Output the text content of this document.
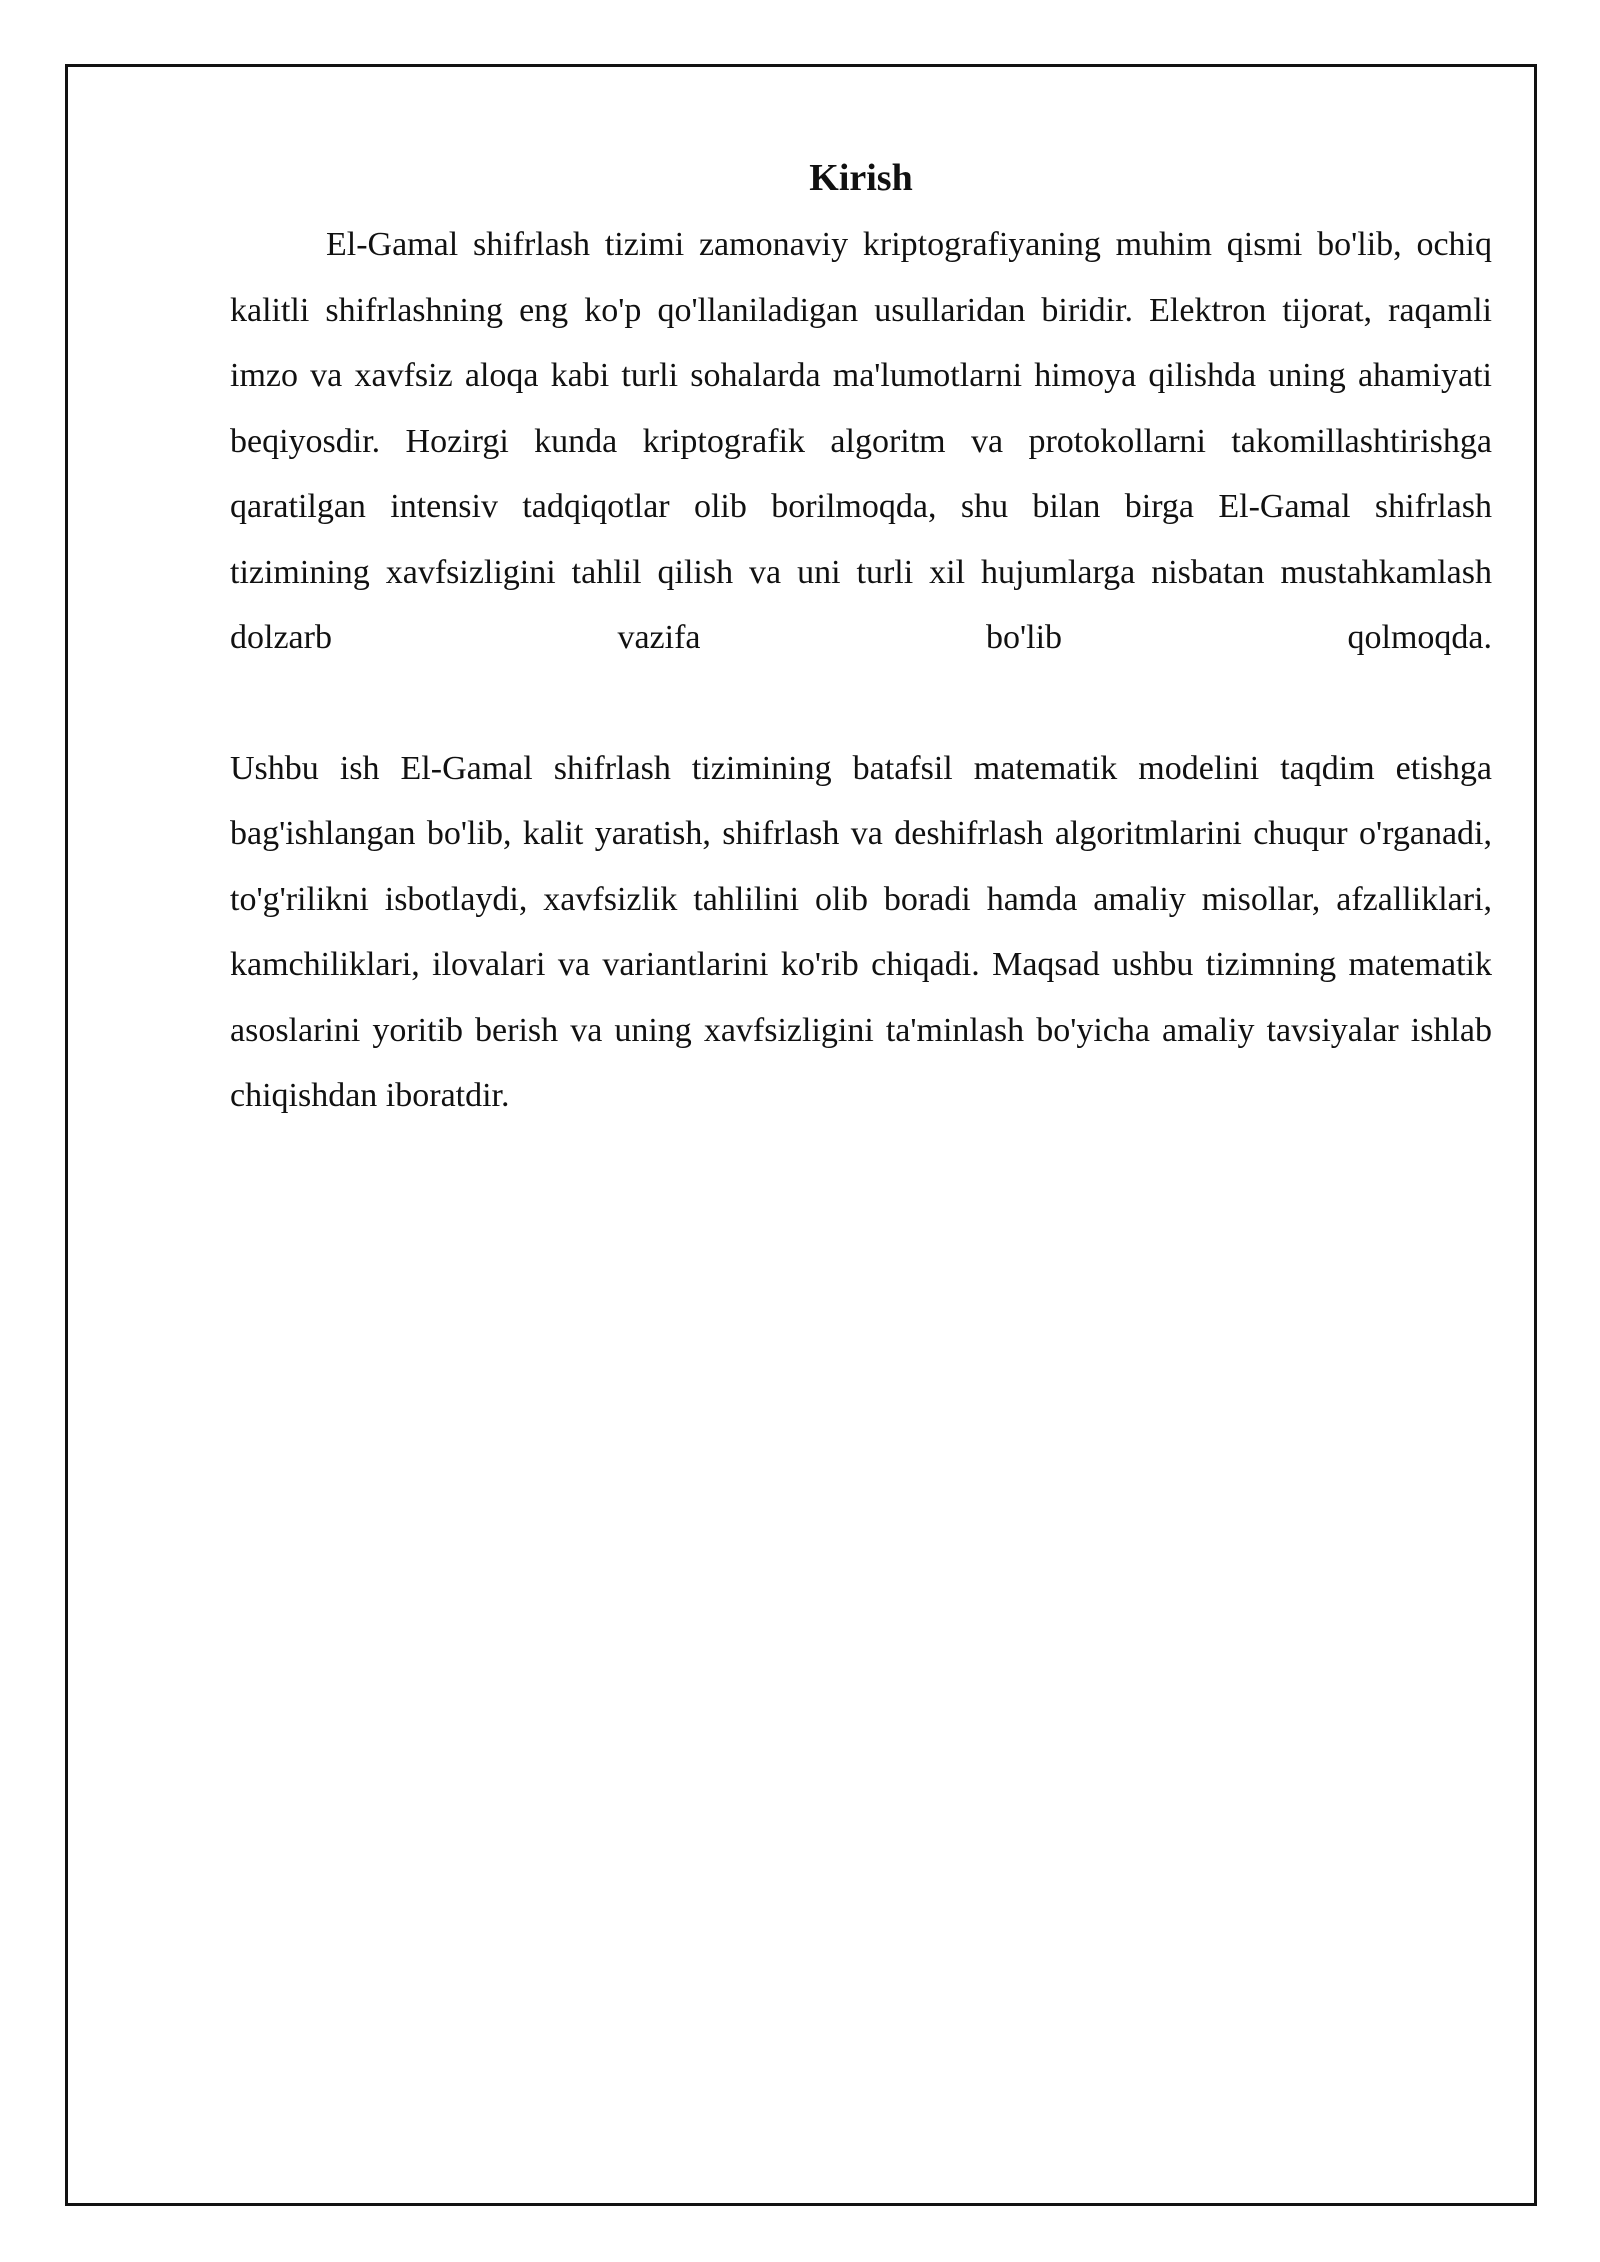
Kirish

El-Gamal shifrlash tizimi zamonaviy kriptografiyaning muhim qismi bo'lib, ochiq kalitli shifrlashning eng ko'p qo'llaniladigan usullaridan biridir. Elektron tijorat, raqamli imzo va xavfsiz aloqa kabi turli sohalarda ma'lumotlarni himoya qilishda uning ahamiyati beqiyosdir. Hozirgi kunda kriptografik algoritm va protokollarni takomillashtirishga qaratilgan intensiv tadqiqotlar olib borilmoqda, shu bilan birga El-Gamal shifrlash tizimining xavfsizligini tahlil qilish va uni turli xil hujumlarga nisbatan mustahkamlash dolzarb vazifa bo'lib qolmoqda.

Ushbu ish El-Gamal shifrlash tizimining batafsil matematik modelini taqdim etishga bag'ishlangan bo'lib, kalit yaratish, shifrlash va deshifrlash algoritmlarini chuqur o'rganadi, to'g'rilikni isbotlaydi, xavfsizlik tahlilini olib boradi hamda amaliy misollar, afzalliklari, kamchiliklari, ilovalari va variantlarini ko'rib chiqadi. Maqsad ushbu tizimning matematik asoslarini yoritib berish va uning xavfsizligini ta'minlash bo'yicha amaliy tavsiyalar ishlab chiqishdan iboratdir.
